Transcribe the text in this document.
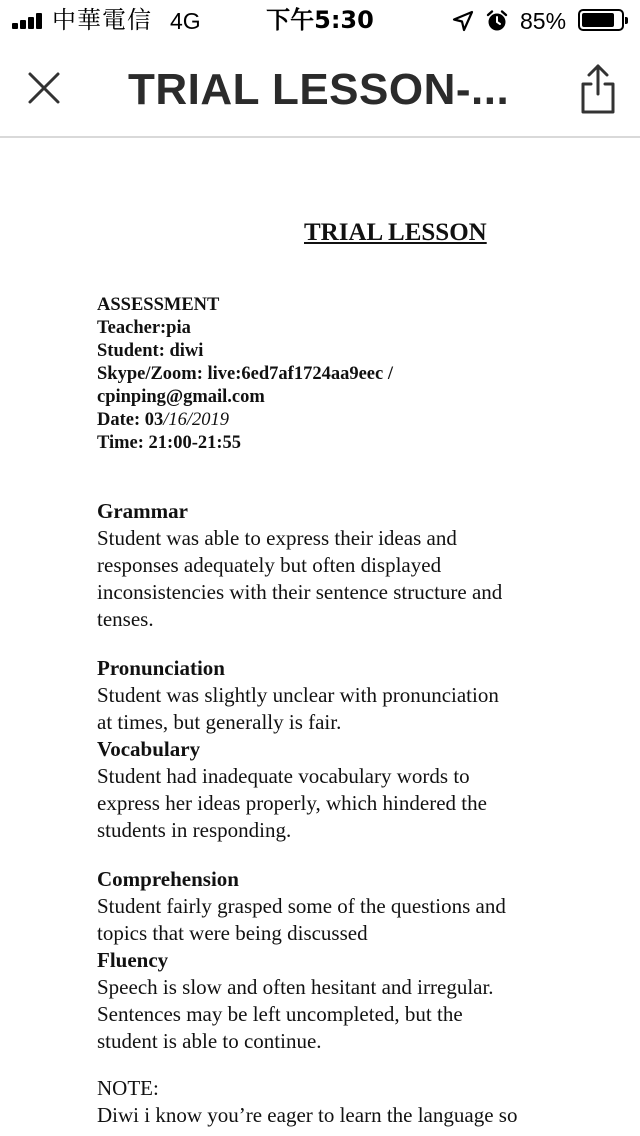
中華電信 4G	下午5:30	85%
TRIAL LESSON-...
TRIAL LESSON
ASSESSMENT
Teacher:pia
Student: diwi
Skype/Zoom: live:6ed7af1724aa9eec /
cpinping@gmail.com
Date: 03/16/2019
Time: 21:00-21:55
Grammar
Student was able to express their ideas and
responses adequately but often displayed
inconsistencies with their sentence structure and
tenses.
Pronunciation
Student was slightly unclear with pronunciation
at times, but generally is fair.
Vocabulary
Student had inadequate vocabulary words to
express her ideas properly, which hindered the
students in responding.
Comprehension
Student fairly grasped some of the questions and
topics that were being discussed
Fluency
Speech is slow and often hesitant and irregular.
Sentences may be left uncompleted, but the
student is able to continue.
NOTE:
Diwi i know you’re eager to learn the language so
